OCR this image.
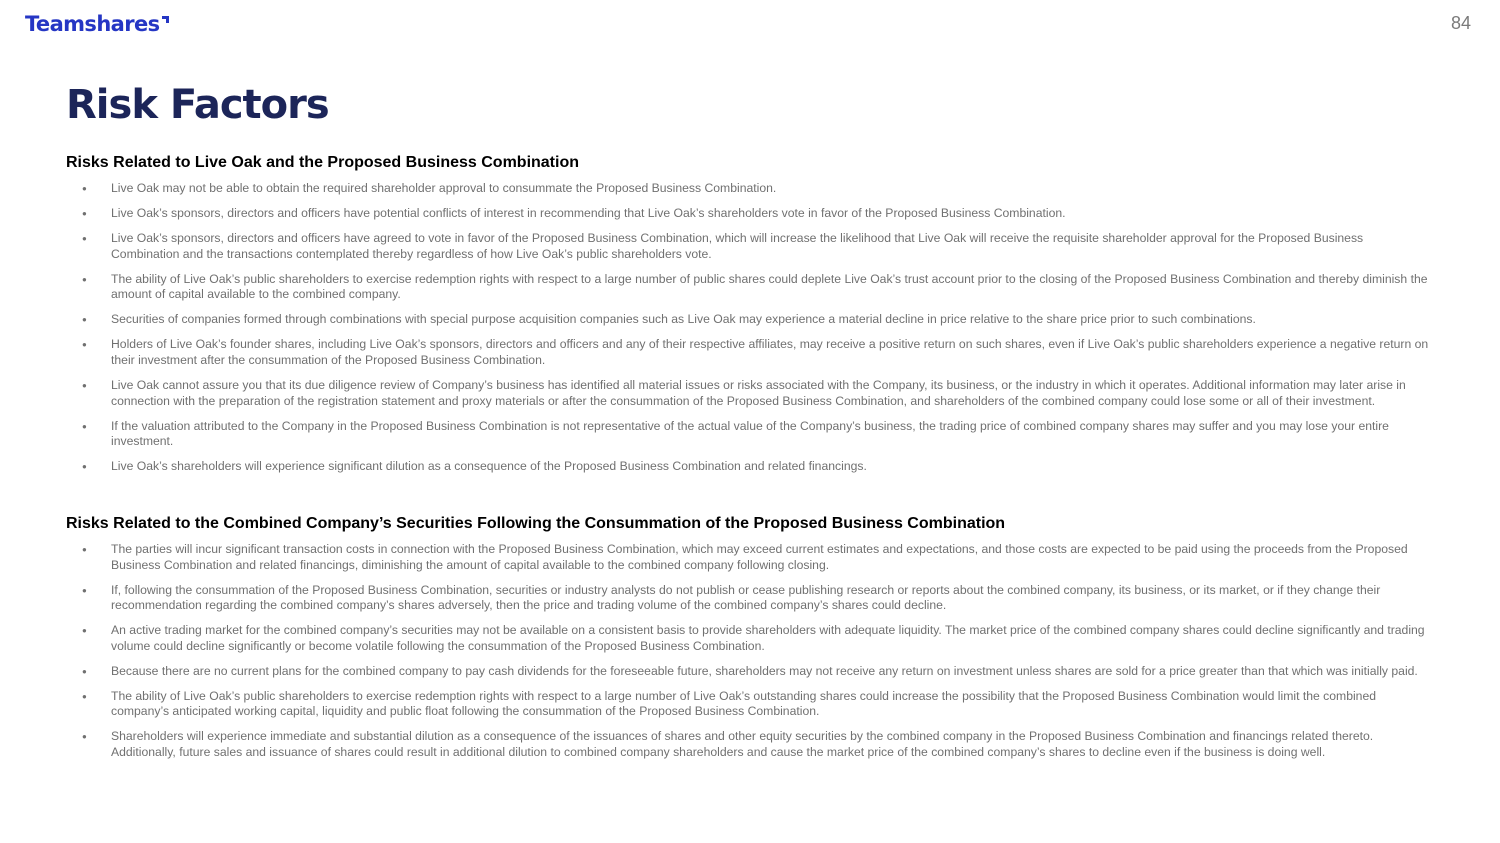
Teamshares	84
Risk Factors
Risks Related to Live Oak and the Proposed Business Combination
● Live Oak may not be able to obtain the required shareholder approval to consummate the Proposed Business Combination.
● Live Oak’s sponsors, directors and officers have potential conflicts of interest in recommending that Live Oak’s shareholders vote in favor of the Proposed Business Combination.
● Live Oak’s sponsors, directors and officers have agreed to vote in favor of the Proposed Business Combination, which will increase the likelihood that Live Oak will receive the requisite shareholder approval for the Proposed Business Combination and the transactions contemplated thereby regardless of how Live Oak’s public shareholders vote.
● The ability of Live Oak’s public shareholders to exercise redemption rights with respect to a large number of public shares could deplete Live Oak’s trust account prior to the closing of the Proposed Business Combination and thereby diminish the amount of capital available to the combined company.
● Securities of companies formed through combinations with special purpose acquisition companies such as Live Oak may experience a material decline in price relative to the share price prior to such combinations.
● Holders of Live Oak’s founder shares, including Live Oak’s sponsors, directors and officers and any of their respective affiliates, may receive a positive return on such shares, even if Live Oak’s public shareholders experience a negative return on their investment after the consummation of the Proposed Business Combination.
● Live Oak cannot assure you that its due diligence review of Company’s business has identified all material issues or risks associated with the Company, its business, or the industry in which it operates. Additional information may later arise in connection with the preparation of the registration statement and proxy materials or after the consummation of the Proposed Business Combination, and shareholders of the combined company could lose some or all of their investment.
● If the valuation attributed to the Company in the Proposed Business Combination is not representative of the actual value of the Company’s business, the trading price of combined company shares may suffer and you may lose your entire investment.
● Live Oak’s shareholders will experience significant dilution as a consequence of the Proposed Business Combination and related financings.
Risks Related to the Combined Company’s Securities Following the Consummation of the Proposed Business Combination
● The parties will incur significant transaction costs in connection with the Proposed Business Combination, which may exceed current estimates and expectations, and those costs are expected to be paid using the proceeds from the Proposed Business Combination and related financings, diminishing the amount of capital available to the combined company following closing.
● If, following the consummation of the Proposed Business Combination, securities or industry analysts do not publish or cease publishing research or reports about the combined company, its business, or its market, or if they change their recommendation regarding the combined company’s shares adversely, then the price and trading volume of the combined company’s shares could decline.
● An active trading market for the combined company’s securities may not be available on a consistent basis to provide shareholders with adequate liquidity. The market price of the combined company shares could decline significantly and trading volume could decline significantly or become volatile following the consummation of the Proposed Business Combination.
● Because there are no current plans for the combined company to pay cash dividends for the foreseeable future, shareholders may not receive any return on investment unless shares are sold for a price greater than that which was initially paid.
● The ability of Live Oak’s public shareholders to exercise redemption rights with respect to a large number of Live Oak’s outstanding shares could increase the possibility that the Proposed Business Combination would limit the combined company’s anticipated working capital, liquidity and public float following the consummation of the Proposed Business Combination.
● Shareholders will experience immediate and substantial dilution as a consequence of the issuances of shares and other equity securities by the combined company in the Proposed Business Combination and financings related thereto. Additionally, future sales and issuance of shares could result in additional dilution to combined company shareholders and cause the market price of the combined company’s shares to decline even if the business is doing well.
